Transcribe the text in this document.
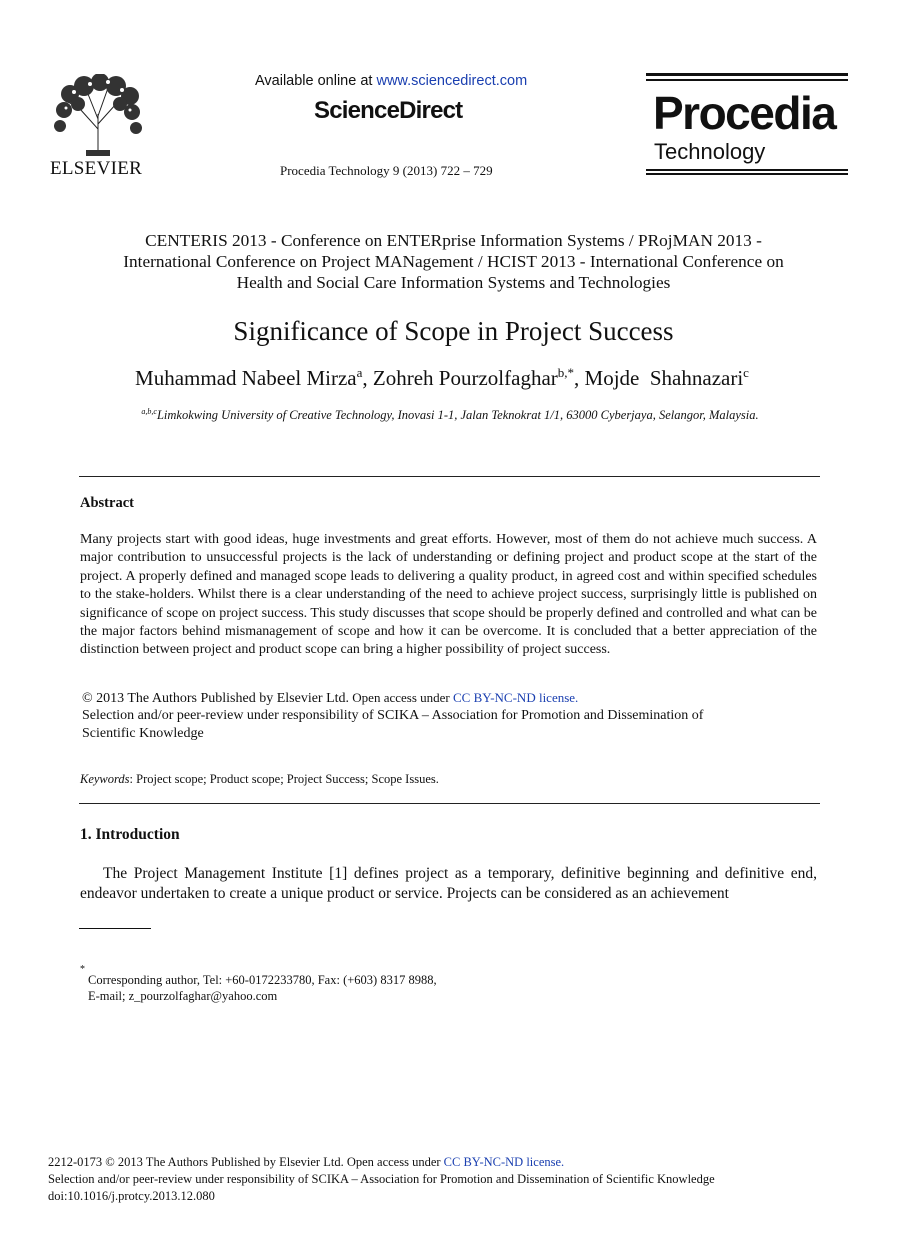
ELSEVIER
Available online at www.sciencedirect.com
ScienceDirect
Procedia Technology 9 (2013) 722 – 729
Procedia
Technology
CENTERIS 2013 - Conference on ENTERprise Information Systems / PRojMAN 2013 -
International Conference on Project MANagement / HCIST 2013 - International Conference on
Health and Social Care Information Systems and Technologies
Significance of Scope in Project Success
Muhammad Nabeel Mirza$^a$, Zohreh Pourzolfaghar$^{b,*}$, Mojde  Shahnazari$^c$
$^{a,b,c}$Limkokwing University of Creative Technology, Inovasi 1-1, Jalan Teknokrat 1/1, 63000 Cyberjaya, Selangor, Malaysia.
Abstract
Many projects start with good ideas, huge investments and great efforts. However, most of them do not achieve much success. A major contribution to unsuccessful projects is the lack of understanding or defining project and product scope at the start of the project. A properly defined and managed scope leads to delivering a quality product, in agreed cost and within specified schedules to the stake-holders. Whilst there is a clear understanding of the need to achieve project success, surprisingly little is published on significance of scope on project success. This study discusses that scope should be properly defined and controlled and what can be the major factors behind mismanagement of scope and how it can be overcome. It is concluded that a better appreciation of the distinction between project and product scope can bring a higher possibility of project success.
© 2013 The Authors Published by Elsevier Ltd. Open access under CC BY-NC-ND license.
Selection and/or peer-review under responsibility of SCIKA – Association for Promotion and Dissemination of
Scientific Knowledge
Keywords: Project scope; Product scope; Project Success; Scope Issues.
1. Introduction
The Project Management Institute [1] defines project as a temporary, definitive beginning and definitive end, endeavor undertaken to create a unique product or service. Projects can be considered as an achievement
*
Corresponding author, Tel: +60-0172233780, Fax: (+603) 8317 8988,
E-mail; z_pourzolfaghar@yahoo.com
2212-0173 © 2013 The Authors Published by Elsevier Ltd. Open access under CC BY-NC-ND license.
Selection and/or peer-review under responsibility of SCIKA – Association for Promotion and Dissemination of Scientific Knowledge
doi:10.1016/j.protcy.2013.12.080
